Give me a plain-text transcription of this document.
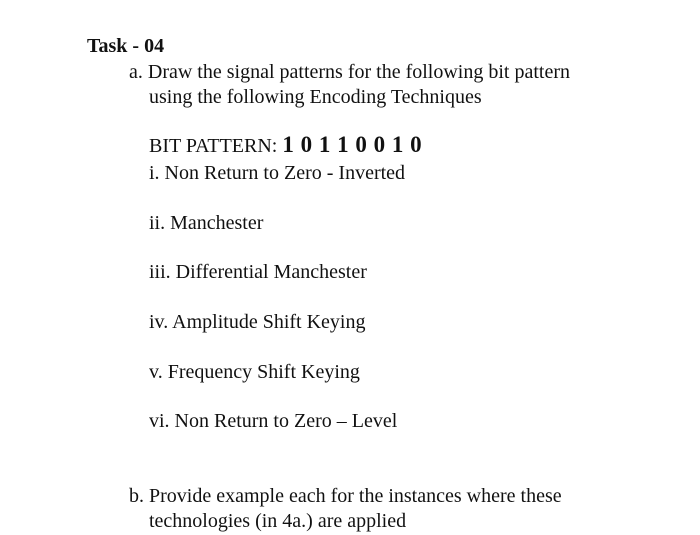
Task - 04
a. Draw the signal patterns for the following bit pattern
using the following Encoding Techniques
BIT PATTERN: 1 0 1 1 0 0 1 0
i. Non Return to Zero - Inverted
ii. Manchester
iii. Differential Manchester
iv. Amplitude Shift Keying
v. Frequency Shift Keying
vi. Non Return to Zero – Level
b. Provide example each for the instances where these
technologies (in 4a.) are applied
